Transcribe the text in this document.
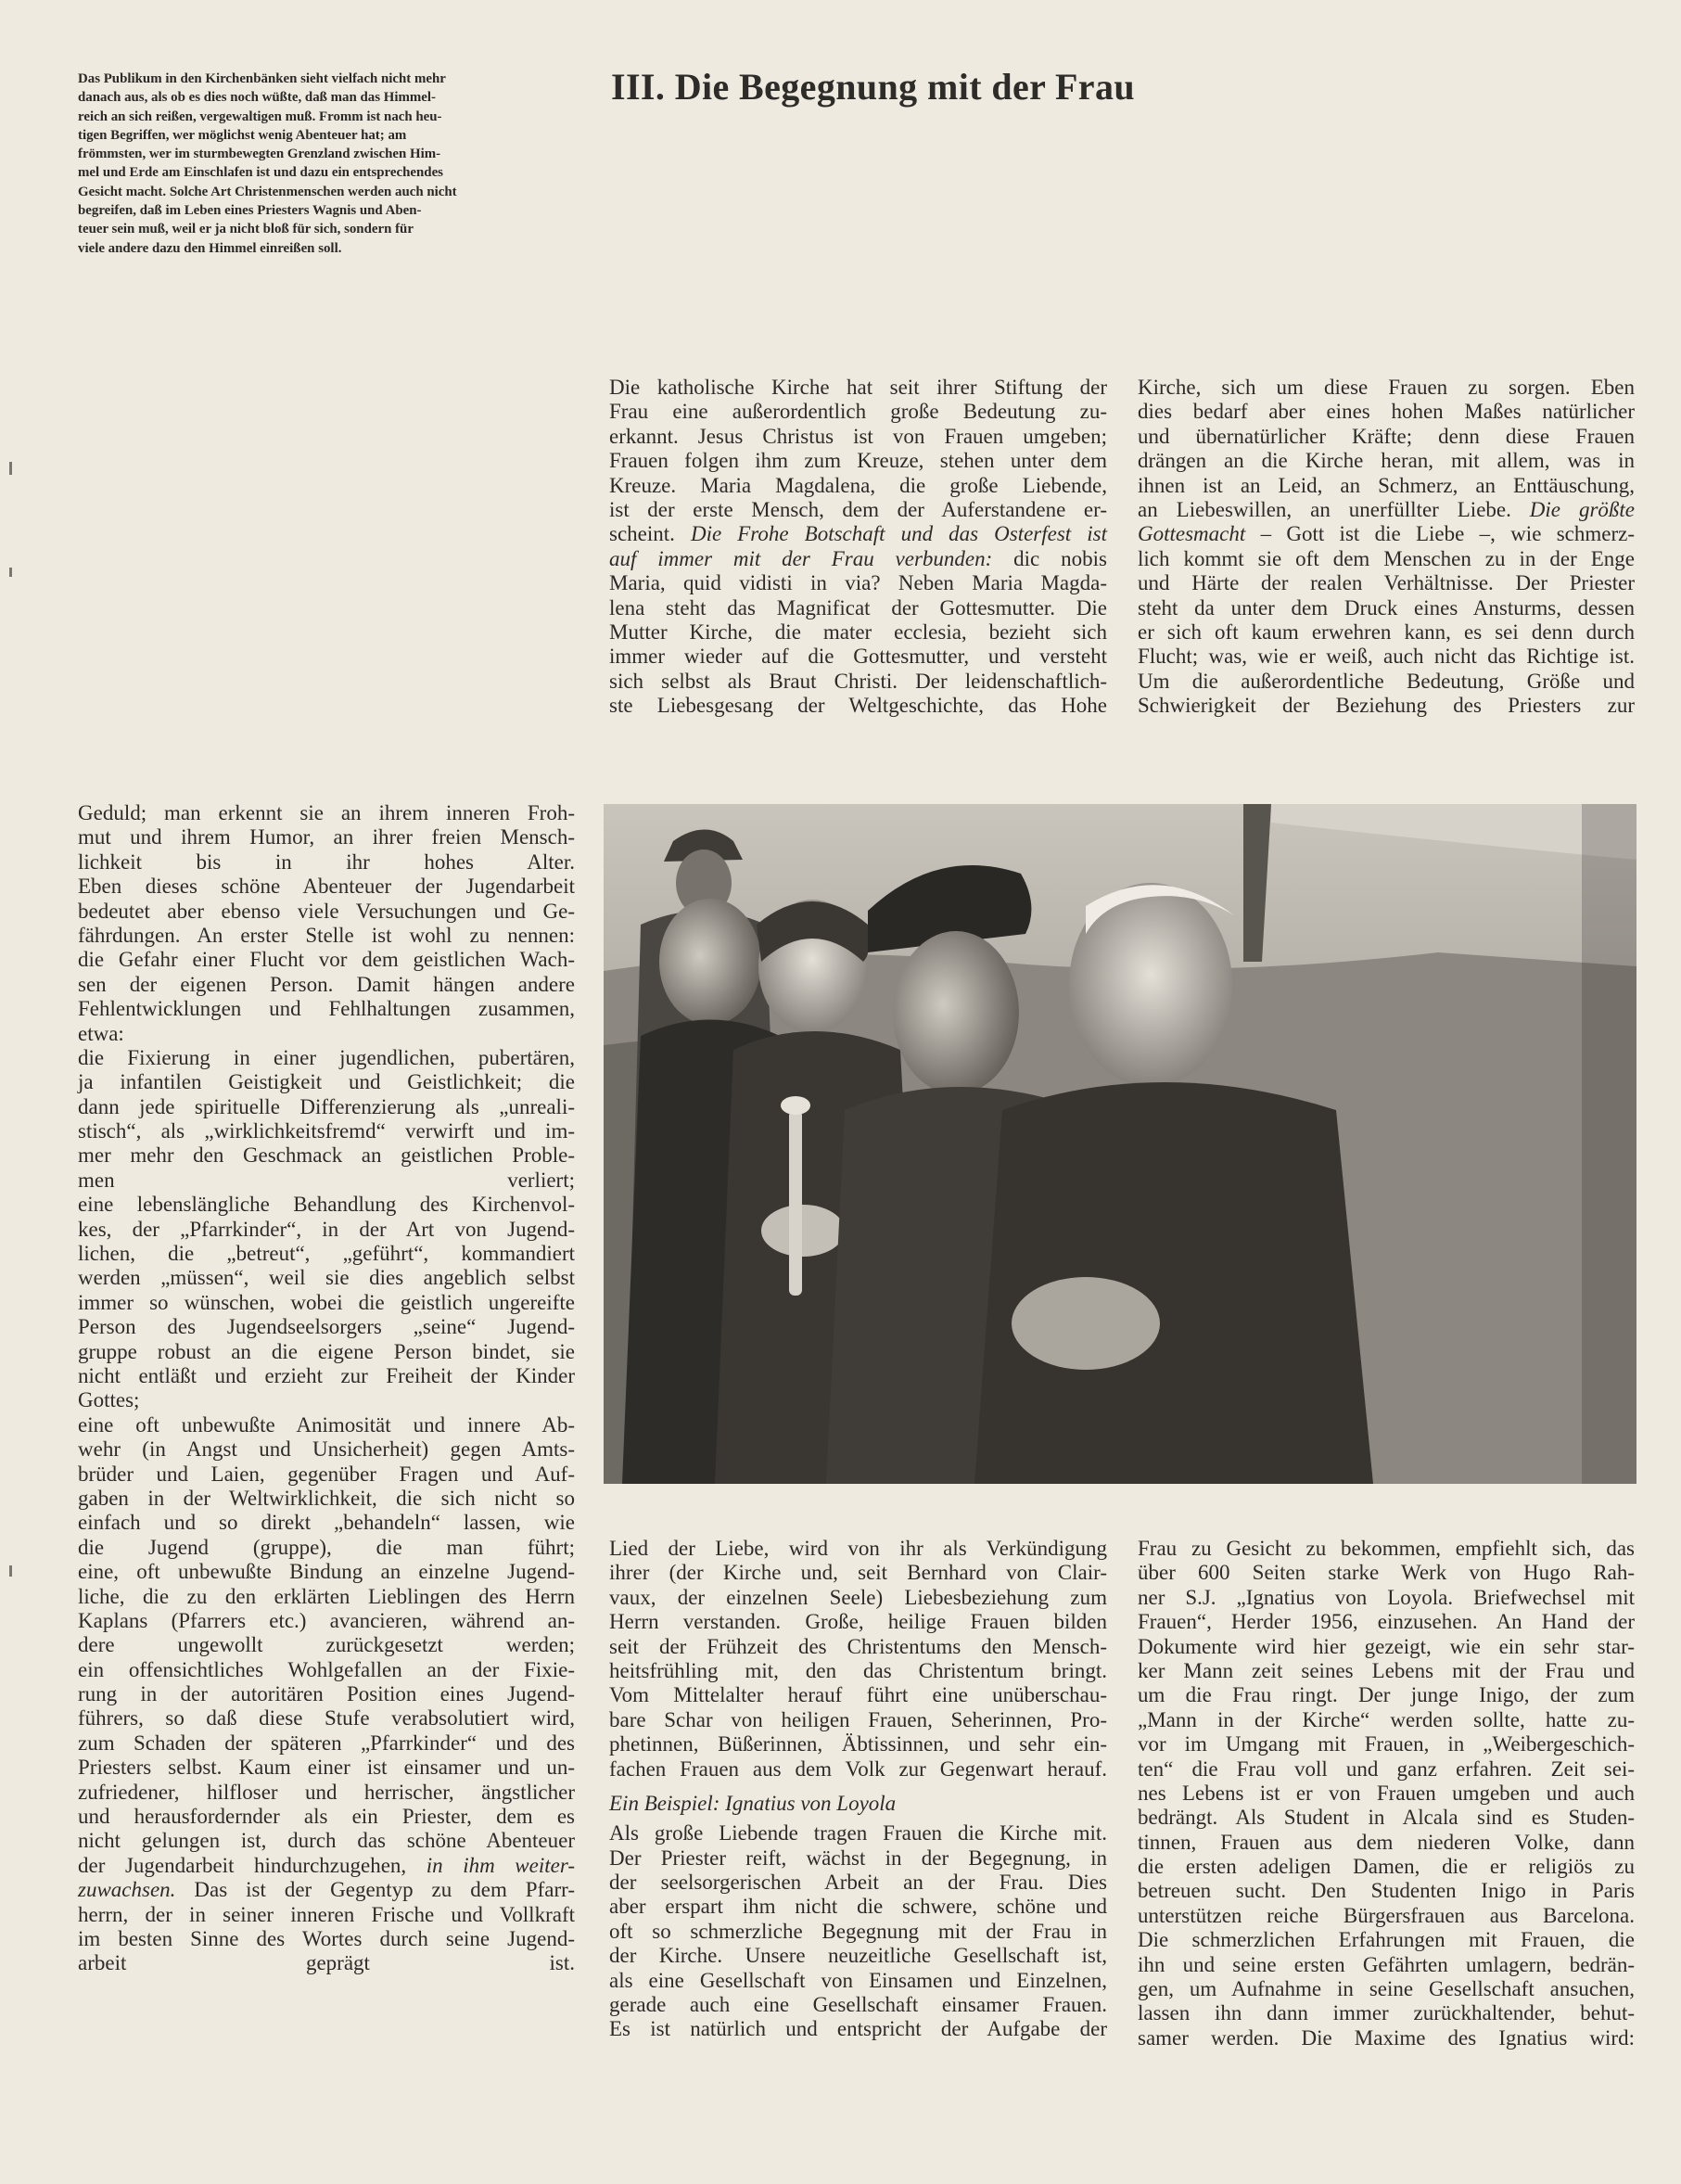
Das Publikum in den Kirchenbänken sieht vielfach nicht mehr
danach aus, als ob es dies noch wüßte, daß man das Himmel-
reich an sich reißen, vergewaltigen muß. Fromm ist nach heu-
tigen Begriffen, wer möglichst wenig Abenteuer hat; am
frömmsten, wer im sturmbewegten Grenzland zwischen Him-
mel und Erde am Einschlafen ist und dazu ein entsprechendes
Gesicht macht. Solche Art Christenmenschen werden auch nicht
begreifen, daß im Leben eines Priesters Wagnis und Aben-
teuer sein muß, weil er ja nicht bloß für sich, sondern für
viele andere dazu den Himmel einreißen soll.
III. Die Begegnung mit der Frau
Die katholische Kirche hat seit ihrer Stiftung der
Frau eine außerordentlich große Bedeutung zu-
erkannt. Jesus Christus ist von Frauen umgeben;
Frauen folgen ihm zum Kreuze, stehen unter dem
Kreuze. Maria Magdalena, die große Liebende,
ist der erste Mensch, dem der Auferstandene er-
scheint. Die Frohe Botschaft und das Osterfest ist
auf immer mit der Frau verbunden: dic nobis
Maria, quid vidisti in via? Neben Maria Magda-
lena steht das Magnificat der Gottesmutter. Die
Mutter Kirche, die mater ecclesia, bezieht sich
immer wieder auf die Gottesmutter, und versteht
sich selbst als Braut Christi. Der leidenschaftlich-
ste Liebesgesang der Weltgeschichte, das Hohe
Kirche, sich um diese Frauen zu sorgen. Eben
dies bedarf aber eines hohen Maßes natürlicher
und übernatürlicher Kräfte; denn diese Frauen
drängen an die Kirche heran, mit allem, was in
ihnen ist an Leid, an Schmerz, an Enttäuschung,
an Liebeswillen, an unerfüllter Liebe. Die größte
Gottesmacht – Gott ist die Liebe –, wie schmerz-
lich kommt sie oft dem Menschen zu in der Enge
und Härte der realen Verhältnisse. Der Priester
steht da unter dem Druck eines Ansturms, dessen
er sich oft kaum erwehren kann, es sei denn durch
Flucht; was, wie er weiß, auch nicht das Richtige ist.
Um die außerordentliche Bedeutung, Größe und
Schwierigkeit der Beziehung des Priesters zur
Geduld; man erkennt sie an ihrem inneren Froh-
mut und ihrem Humor, an ihrer freien Mensch-
lichkeit bis in ihr hohes Alter.
Eben dieses schöne Abenteuer der Jugendarbeit
bedeutet aber ebenso viele Versuchungen und Ge-
fährdungen. An erster Stelle ist wohl zu nennen:
die Gefahr einer Flucht vor dem geistlichen Wach-
sen der eigenen Person. Damit hängen andere
Fehlentwicklungen und Fehlhaltungen zusammen,
etwa:
die Fixierung in einer jugendlichen, pubertären,
ja infantilen Geistigkeit und Geistlichkeit; die
dann jede spirituelle Differenzierung als „unreali-
stisch“, als „wirklichkeitsfremd“ verwirft und im-
mer mehr den Geschmack an geistlichen Proble-
men verliert;
eine lebenslängliche Behandlung des Kirchenvol-
kes, der „Pfarrkinder“, in der Art von Jugend-
lichen, die „betreut“, „geführt“, kommandiert
werden „müssen“, weil sie dies angeblich selbst
immer so wünschen, wobei die geistlich ungereifte
Person des Jugendseelsorgers „seine“ Jugend-
gruppe robust an die eigene Person bindet, sie
nicht entläßt und erzieht zur Freiheit der Kinder
Gottes;
eine oft unbewußte Animosität und innere Ab-
wehr (in Angst und Unsicherheit) gegen Amts-
brüder und Laien, gegenüber Fragen und Auf-
gaben in der Weltwirklichkeit, die sich nicht so
einfach und so direkt „behandeln“ lassen, wie
die Jugend (gruppe), die man führt;
eine, oft unbewußte Bindung an einzelne Jugend-
liche, die zu den erklärten Lieblingen des Herrn
Kaplans (Pfarrers etc.) avancieren, während an-
dere ungewollt zurückgesetzt werden;
ein offensichtliches Wohlgefallen an der Fixie-
rung in der autoritären Position eines Jugend-
führers, so daß diese Stufe verabsolutiert wird,
zum Schaden der späteren „Pfarrkinder“ und des
Priesters selbst. Kaum einer ist einsamer und un-
zufriedener, hilfloser und herrischer, ängstlicher
und herausfordernder als ein Priester, dem es
nicht gelungen ist, durch das schöne Abenteuer
der Jugendarbeit hindurchzugehen, in ihm weiter-
zuwachsen. Das ist der Gegentyp zu dem Pfarr-
herrn, der in seiner inneren Frische und Vollkraft
im besten Sinne des Wortes durch seine Jugend-
arbeit geprägt ist.
Lied der Liebe, wird von ihr als Verkündigung
ihrer (der Kirche und, seit Bernhard von Clair-
vaux, der einzelnen Seele) Liebesbeziehung zum
Herrn verstanden. Große, heilige Frauen bilden
seit der Frühzeit des Christentums den Mensch-
heitsfrühling mit, den das Christentum bringt.
Vom Mittelalter herauf führt eine unüberschau-
bare Schar von heiligen Frauen, Seherinnen, Pro-
phetinnen, Büßerinnen, Äbtissinnen, und sehr ein-
fachen Frauen aus dem Volk zur Gegenwart herauf.
Ein Beispiel: Ignatius von Loyola
Als große Liebende tragen Frauen die Kirche mit.
Der Priester reift, wächst in der Begegnung, in
der seelsorgerischen Arbeit an der Frau. Dies
aber erspart ihm nicht die schwere, schöne und
oft so schmerzliche Begegnung mit der Frau in
der Kirche. Unsere neuzeitliche Gesellschaft ist,
als eine Gesellschaft von Einsamen und Einzelnen,
gerade auch eine Gesellschaft einsamer Frauen.
Es ist natürlich und entspricht der Aufgabe der
Frau zu Gesicht zu bekommen, empfiehlt sich, das
über 600 Seiten starke Werk von Hugo Rah-
ner S.J. „Ignatius von Loyola. Briefwechsel mit
Frauen“, Herder 1956, einzusehen. An Hand der
Dokumente wird hier gezeigt, wie ein sehr star-
ker Mann zeit seines Lebens mit der Frau und
um die Frau ringt. Der junge Inigo, der zum
„Mann in der Kirche“ werden sollte, hatte zu-
vor im Umgang mit Frauen, in „Weibergeschich-
ten“ die Frau voll und ganz erfahren. Zeit sei-
nes Lebens ist er von Frauen umgeben und auch
bedrängt. Als Student in Alcala sind es Studen-
tinnen, Frauen aus dem niederen Volke, dann
die ersten adeligen Damen, die er religiös zu
betreuen sucht. Den Studenten Inigo in Paris
unterstützen reiche Bürgersfrauen aus Barcelona.
Die schmerzlichen Erfahrungen mit Frauen, die
ihn und seine ersten Gefährten umlagern, bedrän-
gen, um Aufnahme in seine Gesellschaft ansuchen,
lassen ihn dann immer zurückhaltender, behut-
samer werden. Die Maxime des Ignatius wird:
